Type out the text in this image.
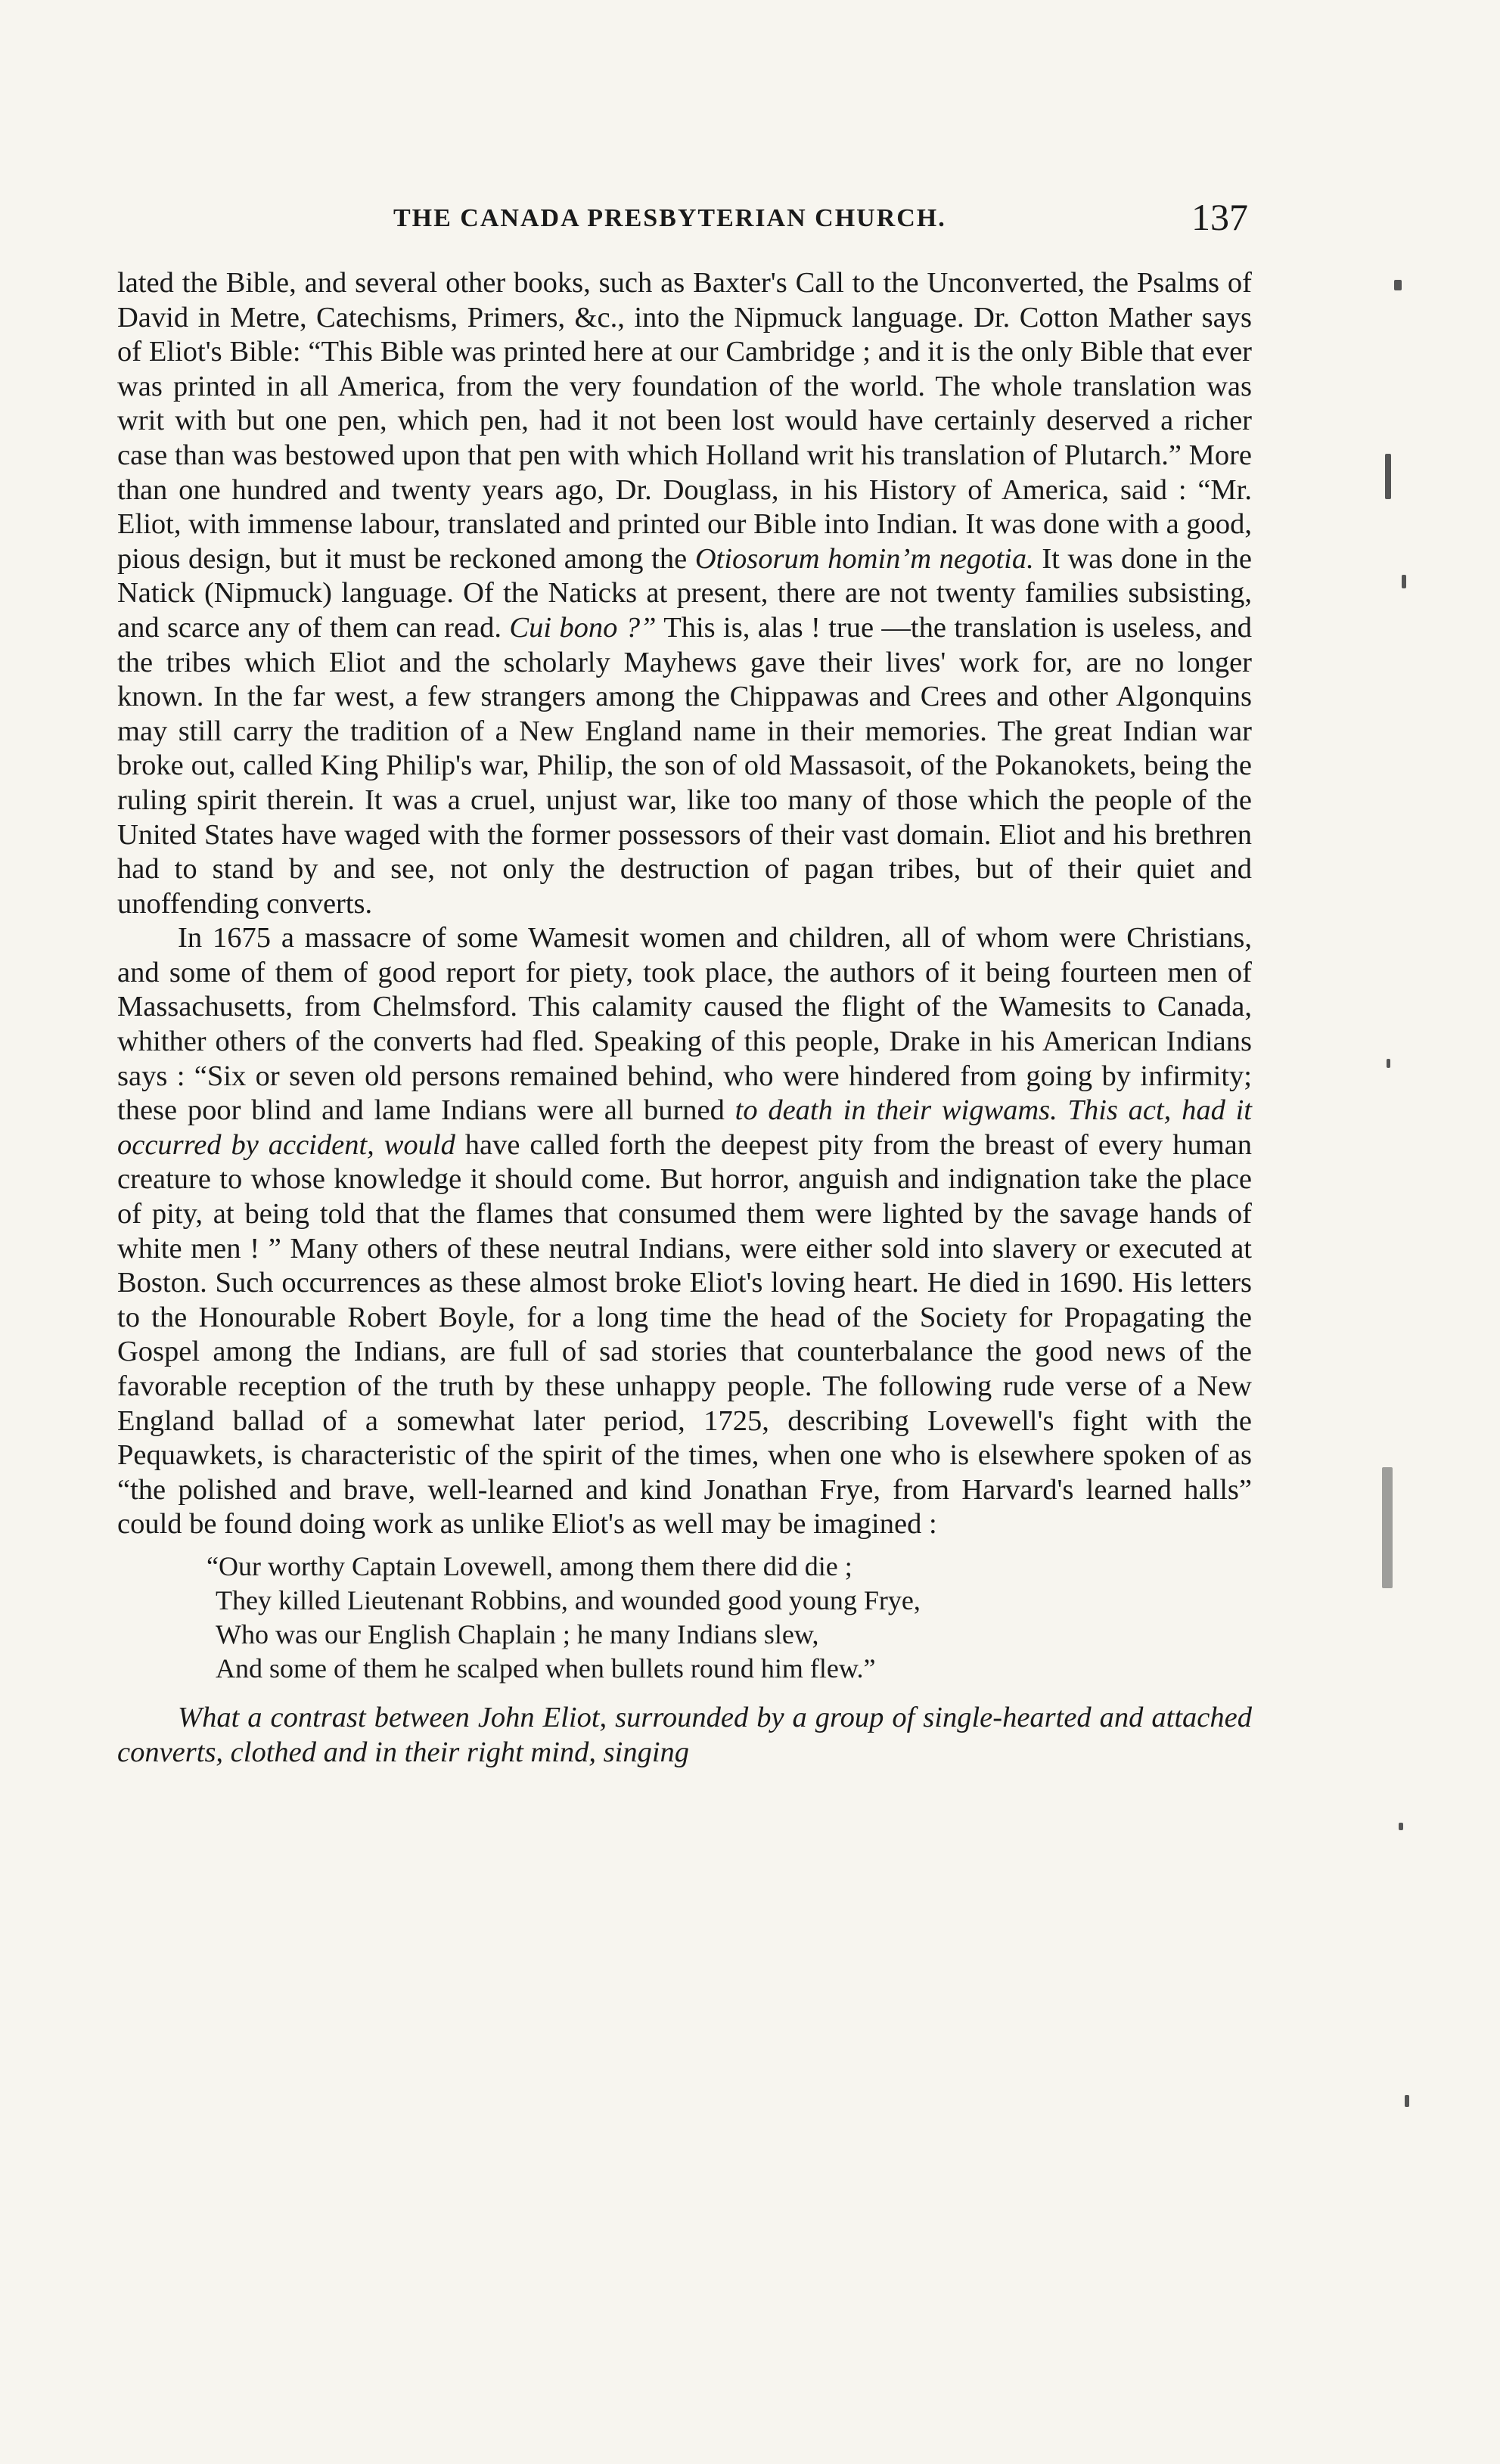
THE CANADA PRESBYTERIAN CHURCH.	137

lated the Bible, and several other books, such as Baxter's Call to the Unconverted, the Psalms of David in Metre, Catechisms, Primers, &c., into the Nipmuck language. Dr. Cotton Mather says of Eliot's Bible: “This Bible was printed here at our Cambridge ; and it is the only Bible that ever was printed in all America, from the very foundation of the world. The whole translation was writ with but one pen, which pen, had it not been lost would have certainly deserved a richer case than was bestowed upon that pen with which Holland writ his translation of Plutarch.” More than one hundred and twenty years ago, Dr. Douglass, in his History of America, said : “Mr. Eliot, with immense labour, translated and printed our Bible into Indian. It was done with a good, pious design, but it must be reckoned among the Otiosorum homin’m negotia. It was done in the Natick (Nipmuck) language. Of the Naticks at present, there are not twenty families subsisting, and scarce any of them can read. Cui bono ?” This is, alas ! true —the translation is useless, and the tribes which Eliot and the scholarly Mayhews gave their lives' work for, are no longer known. In the far west, a few strangers among the Chippawas and Crees and other Algonquins may still carry the tradition of a New England name in their memories. The great Indian war broke out, called King Philip's war, Philip, the son of old Massasoit, of the Pokanokets, being the ruling spirit therein. It was a cruel, unjust war, like too many of those which the people of the United States have waged with the former possessors of their vast domain. Eliot and his brethren had to stand by and see, not only the destruction of pagan tribes, but of their quiet and unoffending converts.

In 1675 a massacre of some Wamesit women and children, all of whom were Christians, and some of them of good report for piety, took place, the authors of it being fourteen men of Massachusetts, from Chelmsford. This calamity caused the flight of the Wamesits to Canada, whither others of the converts had fled. Speaking of this people, Drake in his American Indians says : “Six or seven old persons remained behind, who were hindered from going by infirmity; these poor blind and lame Indians were all burned to death in their wigwams. This act, had it occurred by accident, would have called forth the deepest pity from the breast of every human creature to whose knowledge it should come. But horror, anguish and indignation take the place of pity, at being told that the flames that consumed them were lighted by the savage hands of white men ! ” Many others of these neutral Indians, were either sold into slavery or executed at Boston. Such occurrences as these almost broke Eliot's loving heart. He died in 1690. His letters to the Honourable Robert Boyle, for a long time the head of the Society for Propagating the Gospel among the Indians, are full of sad stories that counterbalance the good news of the favorable reception of the truth by these unhappy people. The following rude verse of a New England ballad of a somewhat later period, 1725, describing Lovewell's fight with the Pequawkets, is characteristic of the spirit of the times, when one who is elsewhere spoken of as “the polished and brave, well-learned and kind Jonathan Frye, from Harvard's learned halls” could be found doing work as unlike Eliot's as well may be imagined :

“Our worthy Captain Lovewell, among them there did die ;
They killed Lieutenant Robbins, and wounded good young Frye,
Who was our English Chaplain ; he many Indians slew,
And some of them he scalped when bullets round him flew.”

What a contrast between John Eliot, surrounded by a group of single-hearted and attached converts, clothed and in their right mind, singing
